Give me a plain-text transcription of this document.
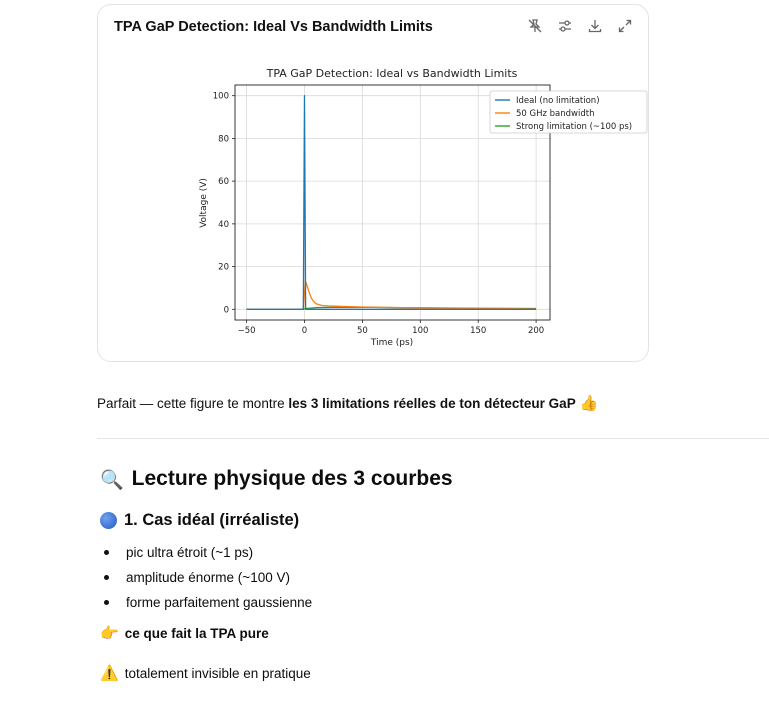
TPA GaP Detection: Ideal Vs Bandwidth Limits
TPA GaP Detection: Ideal vs Bandwidth Limits
−50	0	50	100	150	200
0
20
40
60
80
100
Time (ps)
Voltage (V)
Ideal (no limitation)
50 GHz bandwidth
Strong limitation (~100 ps)
Parfait — cette figure te montre les 3 limitations réelles de ton détecteur GaP 👍
🔍 Lecture physique des 3 courbes
1. Cas idéal (irréaliste)
pic ultra étroit (~1 ps)
amplitude énorme (~100 V)
forme parfaitement gaussienne
👉 ce que fait la TPA pure
⚠️ totalement invisible en pratique
